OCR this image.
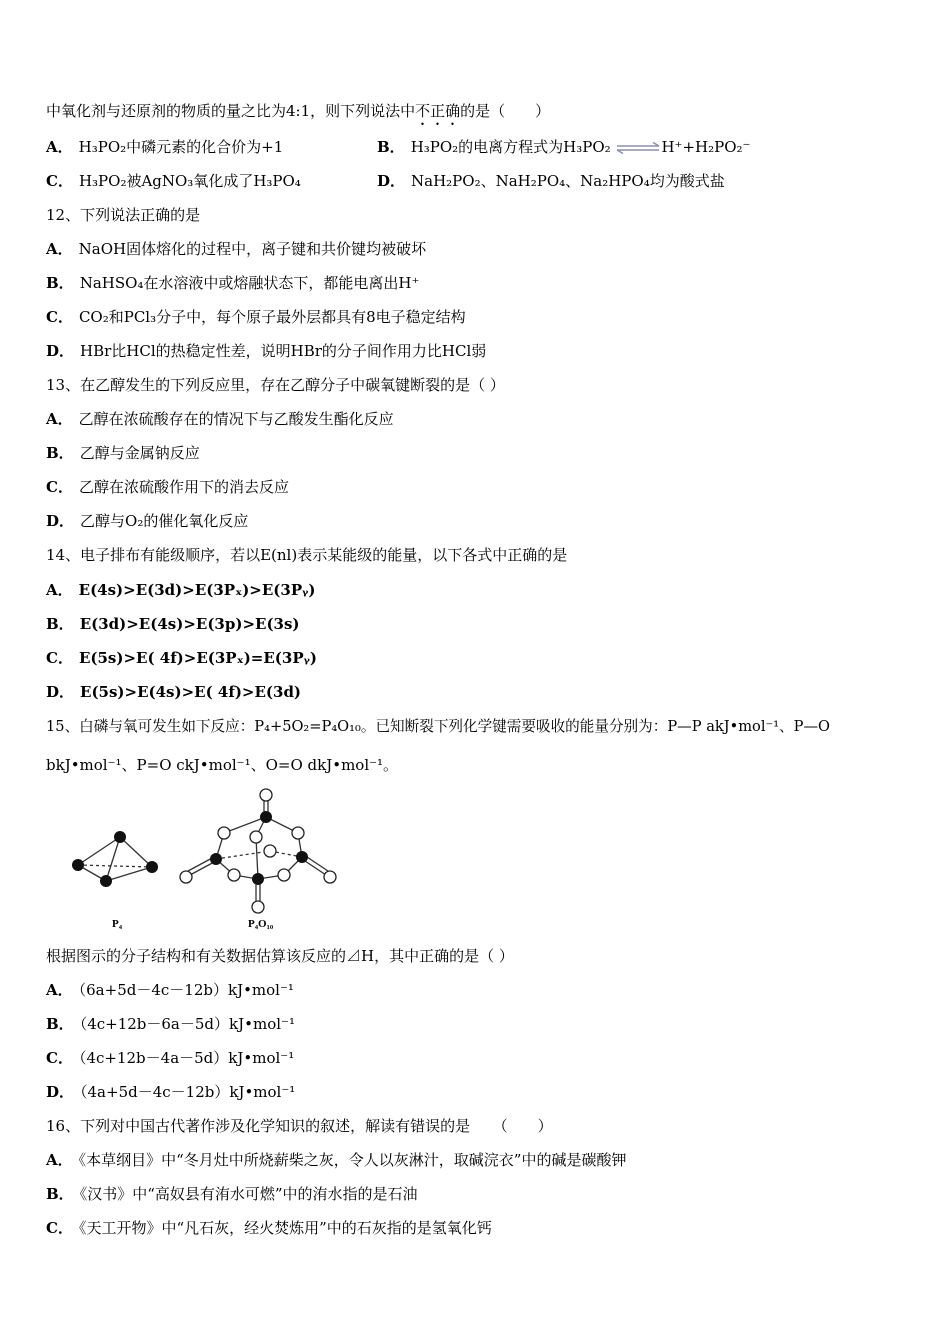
中氧化剂与还原剂的物质的量之比为4:1，则下列说法中不正确的是（　　）
A． H₃PO₂中磷元素的化合价为+1	B． H₃PO₂的电离方程式为H₃PO₂ ⇌H⁺+H₂PO₂⁻
C． H₃PO₂被AgNO₃氧化成了H₃PO₄	D． NaH₂PO₂、NaH₂PO₄、Na₂HPO₄均为酸式盐
12、下列说法正确的是
A． NaOH固体熔化的过程中，离子键和共价键均被破坏
B． NaHSO₄在水溶液中或熔融状态下，都能电离出H⁺
C． CO₂和PCl₃分子中，每个原子最外层都具有8电子稳定结构
D． HBr比HCl的热稳定性差，说明HBr的分子间作用力比HCl弱
13、在乙醇发生的下列反应里，存在乙醇分子中碳氧键断裂的是（ ）
A． 乙醇在浓硫酸存在的情况下与乙酸发生酯化反应
B． 乙醇与金属钠反应
C． 乙醇在浓硫酸作用下的消去反应
D． 乙醇与O₂的催化氧化反应
14、电子排布有能级顺序，若以E(nl)表示某能级的能量，以下各式中正确的是
A． E(4s)>E(3d)>E(3Pₓ)>E(3Pᵧ)
B． E(3d)>E(4s)>E(3p)>E(3s)
C． E(5s)>E( 4f)>E(3Pₓ)=E(3Pᵧ)
D． E(5s)>E(4s)>E( 4f)>E(3d)
15、白磷与氧可发生如下反应：P₄+5O₂=P₄O₁₀。已知断裂下列化学键需要吸收的能量分别为：P—P akJ•mol⁻¹、P—O
bkJ•mol⁻¹、P=O ckJ•mol⁻¹、O=O dkJ•mol⁻¹。
P₄	P₄O₁₀
根据图示的分子结构和有关数据估算该反应的⊿H，其中正确的是（ ）
A． （6a+5d－4c－12b）kJ•mol⁻¹
B． （4c+12b－6a－5d）kJ•mol⁻¹
C． （4c+12b－4a－5d）kJ•mol⁻¹
D． （4a+5d－4c－12b）kJ•mol⁻¹
16、下列对中国古代著作涉及化学知识的叙述，解读有错误的是　　（　　）
A． 《本草纲目》中“冬月灶中所烧薪柴之灰，令人以灰淋汁，取碱浣衣”中的碱是碳酸钾
B． 《汉书》中“高奴县有洧水可燃”中的洧水指的是石油
C． 《天工开物》中“凡石灰，经火焚炼用”中的石灰指的是氢氧化钙
